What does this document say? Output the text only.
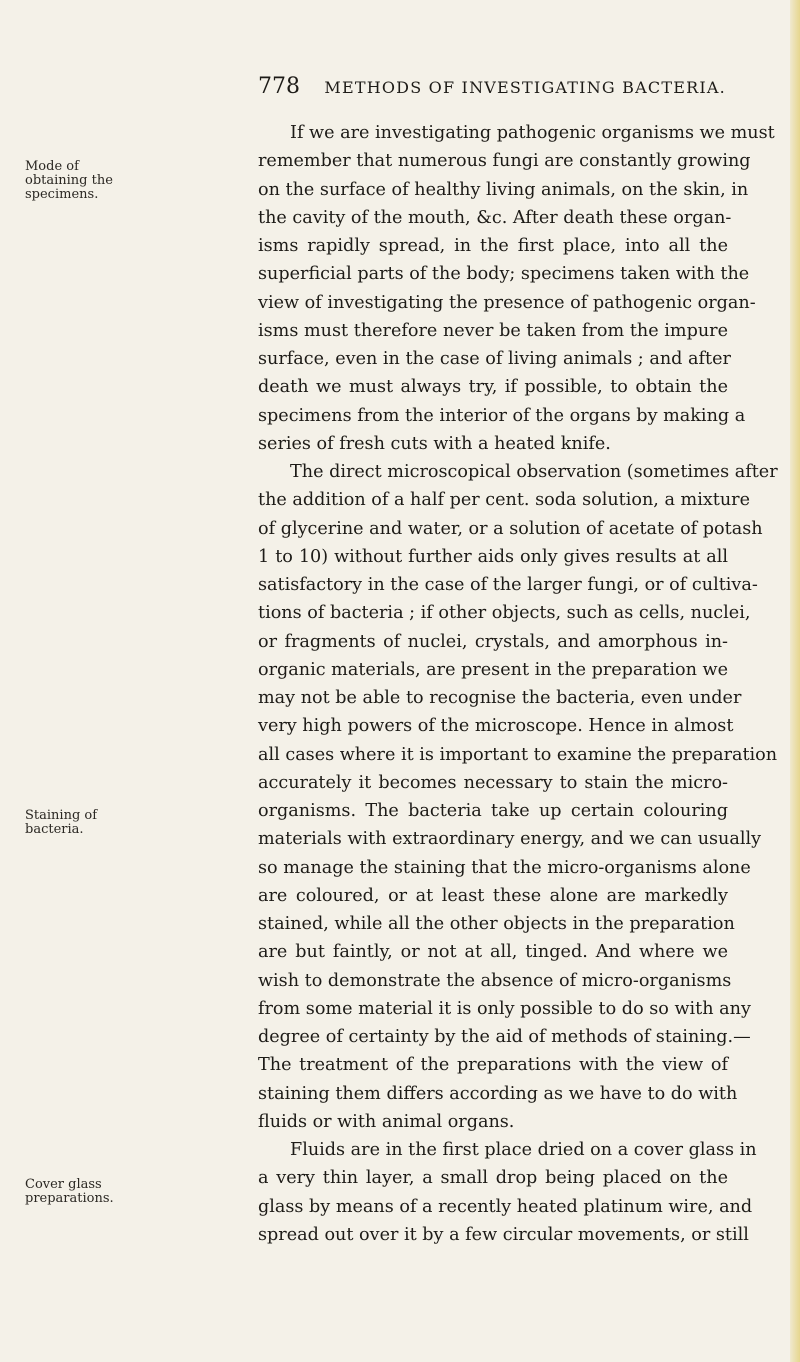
778 METHODS OF INVESTIGATING BACTERIA.
Mode of
obtaining the
specimens.
Staining of
bacteria.
Cover glass
preparations.
If we are investigating pathogenic organisms we must
remember that numerous fungi are constantly growing
on the surface of healthy living animals, on the skin, in
the cavity of the mouth, &c. After death these organ-
isms rapidly spread, in the first place, into all the
superficial parts of the body; specimens taken with the
view of investigating the presence of pathogenic organ-
isms must therefore never be taken from the impure
surface, even in the case of living animals ; and after
death we must always try, if possible, to obtain the
specimens from the interior of the organs by making a
series of fresh cuts with a heated knife.
The direct microscopical observation (sometimes after
the addition of a half per cent. soda solution, a mixture
of glycerine and water, or a solution of acetate of potash
1 to 10) without further aids only gives results at all
satisfactory in the case of the larger fungi, or of cultiva-
tions of bacteria ; if other objects, such as cells, nuclei,
or fragments of nuclei, crystals, and amorphous in-
organic materials, are present in the preparation we
may not be able to recognise the bacteria, even under
very high powers of the microscope. Hence in almost
all cases where it is important to examine the preparation
accurately it becomes necessary to stain the micro-
organisms. The bacteria take up certain colouring
materials with extraordinary energy, and we can usually
so manage the staining that the micro-organisms alone
are coloured, or at least these alone are markedly
stained, while all the other objects in the preparation
are but faintly, or not at all, tinged. And where we
wish to demonstrate the absence of micro-organisms
from some material it is only possible to do so with any
degree of certainty by the aid of methods of staining.—
The treatment of the preparations with the view of
staining them differs according as we have to do with
fluids or with animal organs.
Fluids are in the first place dried on a cover glass in
a very thin layer, a small drop being placed on the
glass by means of a recently heated platinum wire, and
spread out over it by a few circular movements, or still
